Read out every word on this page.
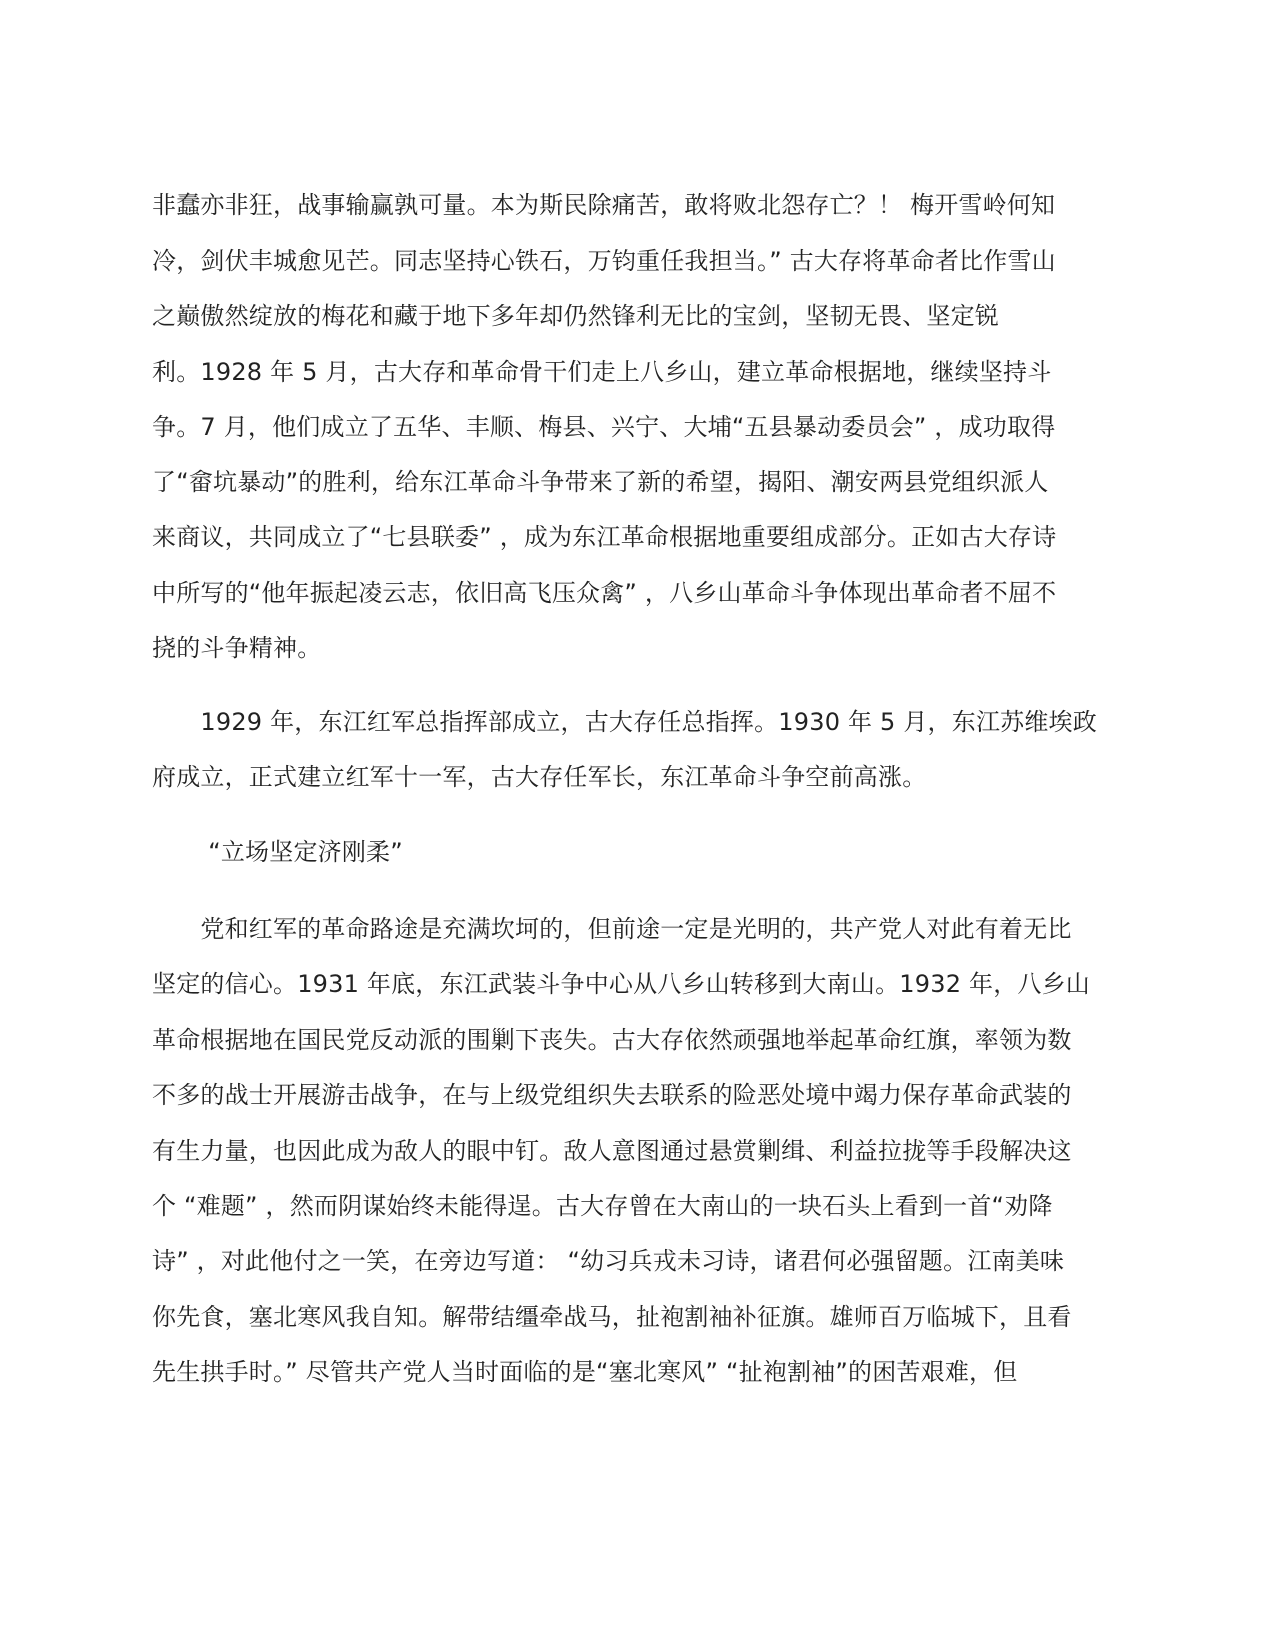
非蠢亦非狂，战事输赢孰可量。本为斯民除痛苦，敢将败北怨存亡？！ 梅开雪岭何知
冷，剑伏丰城愈见芒。同志坚持心铁石，万钧重任我担当。” 古大存将革命者比作雪山
之巅傲然绽放的梅花和藏于地下多年却仍然锋利无比的宝剑，坚韧无畏、坚定锐
利。1928 年 5 月，古大存和革命骨干们走上八乡山，建立革命根据地，继续坚持斗
争。7 月，他们成立了五华、丰顺、梅县、兴宁、大埔“五县暴动委员会” ，成功取得
了“畲坑暴动”的胜利，给东江革命斗争带来了新的希望，揭阳、潮安两县党组织派人
来商议，共同成立了“七县联委” ，成为东江革命根据地重要组成部分。正如古大存诗
中所写的“他年振起凌云志，依旧高飞压众禽” ，八乡山革命斗争体现出革命者不屈不
挠的斗争精神。
　　1929 年，东江红军总指挥部成立，古大存任总指挥。1930 年 5 月，东江苏维埃政
府成立，正式建立红军十一军，古大存任军长，东江革命斗争空前高涨。
　　 “立场坚定济刚柔”
　　党和红军的革命路途是充满坎坷的，但前途一定是光明的，共产党人对此有着无比
坚定的信心。1931 年底，东江武装斗争中心从八乡山转移到大南山。1932 年，八乡山
革命根据地在国民党反动派的围剿下丧失。古大存依然顽强地举起革命红旗，率领为数
不多的战士开展游击战争，在与上级党组织失去联系的险恶处境中竭力保存革命武装的
有生力量，也因此成为敌人的眼中钉。敌人意图通过悬赏剿缉、利益拉拢等手段解决这
个 “难题” ，然而阴谋始终未能得逞。古大存曾在大南山的一块石头上看到一首“劝降
诗” ，对此他付之一笑，在旁边写道： “幼习兵戎未习诗，诸君何必强留题。江南美味
你先食，塞北寒风我自知。解带结缰牵战马，扯袍割袖补征旗。雄师百万临城下，且看
先生拱手时。” 尽管共产党人当时面临的是“塞北寒风” “扯袍割袖”的困苦艰难，但
